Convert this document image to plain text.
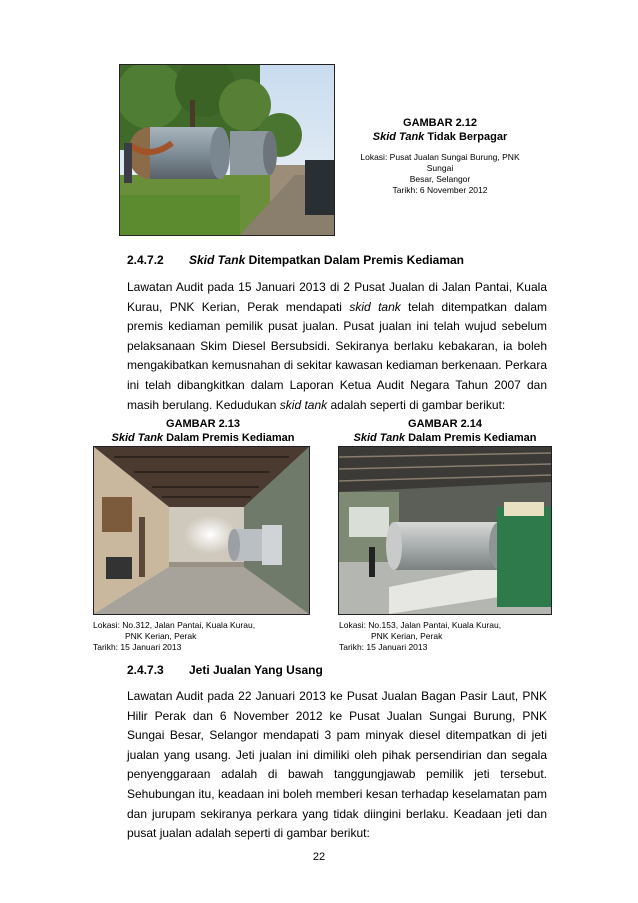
GAMBAR 2.12
Skid Tank Tidak Berpagar
Lokasi: Pusat Jualan Sungai Burung, PNK
Sungai
Besar, Selangor
Tarikh: 6 November 2012
2.4.7.2 Skid Tank Ditempatkan Dalam Premis Kediaman

Lawatan Audit pada 15 Januari 2013 di 2 Pusat Jualan di Jalan Pantai, Kuala Kurau, PNK Kerian, Perak mendapati skid tank telah ditempatkan dalam premis kediaman pemilik pusat jualan. Pusat jualan ini telah wujud sebelum pelaksanaan Skim Diesel Bersubsidi. Sekiranya berlaku kebakaran, ia boleh mengakibatkan kemusnahan di sekitar kawasan kediaman berkenaan. Perkara ini telah dibangkitkan dalam Laporan Ketua Audit Negara Tahun 2007 dan masih berulang. Kedudukan skid tank adalah seperti di gambar berikut:

GAMBAR 2.13
Skid Tank Dalam Premis Kediaman
GAMBAR 2.14
Skid Tank Dalam Premis Kediaman
Lokasi: No.312, Jalan Pantai, Kuala Kurau,
PNK Kerian, Perak
Tarikh: 15 Januari 2013
Lokasi: No.153, Jalan Pantai, Kuala Kurau,
PNK Kerian, Perak
Tarikh: 15 Januari 2013
2.4.7.3 Jeti Jualan Yang Usang

Lawatan Audit pada 22 Januari 2013 ke Pusat Jualan Bagan Pasir Laut, PNK Hilir Perak dan 6 November 2012 ke Pusat Jualan Sungai Burung, PNK Sungai Besar, Selangor mendapati 3 pam minyak diesel ditempatkan di jeti jualan yang usang. Jeti jualan ini dimiliki oleh pihak persendirian dan segala penyenggaraan adalah di bawah tanggungjawab pemilik jeti tersebut. Sehubungan itu, keadaan ini boleh memberi kesan terhadap keselamatan pam dan jurupam sekiranya perkara yang tidak diingini berlaku. Keadaan jeti dan pusat jualan adalah seperti di gambar berikut:

22
